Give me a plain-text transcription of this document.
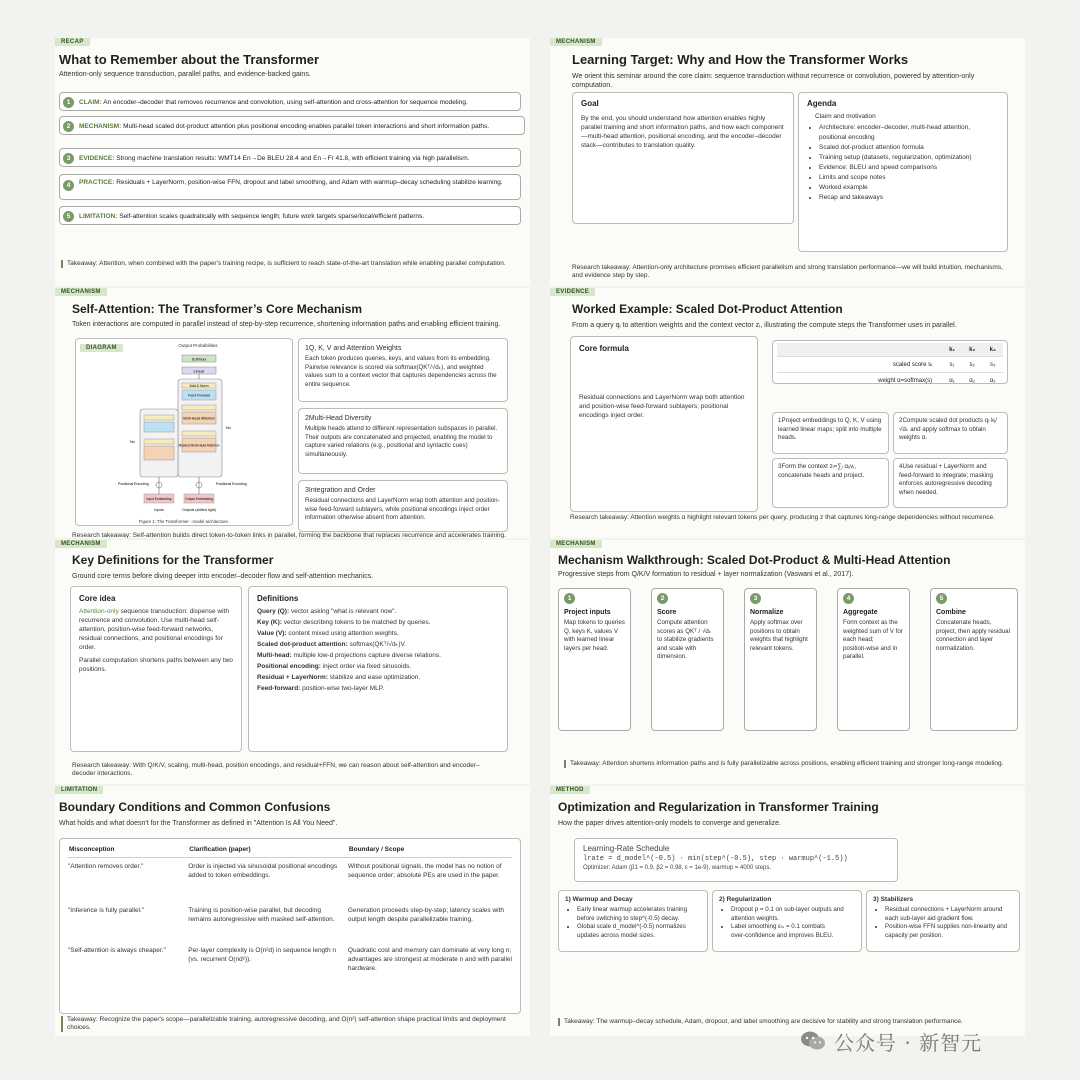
RECAP
What to Remember about the Transformer
Attention-only sequence transduction, parallel paths, and evidence-backed gains.
1 CLAIM: An encoder–decoder that removes recurrence and convolution, using self-attention and cross-attention for sequence modeling.
2 MECHANISM: Multi-head scaled dot-product attention plus positional encoding enables parallel token interactions and short information paths.
3 EVIDENCE: Strong machine translation results: WMT14 En→De BLEU 28.4 and En→Fr 41.8, with efficient training via high parallelism.
4	PRACTICE: Residuals + LayerNorm, position-wise FFN, dropout and label smoothing, and Adam with warmup–decay scheduling stabilize learning.
5 LIMITATION: Self-attention scales quadratically with sequence length; future work targets sparse/local/efficient patterns.
Takeaway: Attention, when combined with the paper's training recipe, is sufficient to reach state-of-the-art translation while enabling parallel computation.
MECHANISM
Learning Target: Why and How the Transformer Works
We orient this seminar around the core claim: sequence transduction without recurrence or convolution, powered by attention-only computation.
Goal
By the end, you should understand how attention enables highly parallel training and short information paths, and how each component—multi-head attention, positional encoding, and the encoder–decoder stack—contributes to translation quality.
Agenda
Claim and motivation
• Architecture: encoder–decoder, multi-head attention, positional encoding
• Scaled dot-product attention formula
• Training setup (datasets, regularization, optimization)
• Evidence: BLEU and speed comparisons
• Limits and scope notes
• Worked example
• Recap and takeaways
Research takeaway: Attention-only architecture promises efficient parallelism and strong translation performance—we will build intuition, mechanisms, and evidence step by step.
MECHANISM
Self-Attention: The Transformer’s Core Mechanism
Token interactions are computed in parallel instead of step-by-step recurrence, shortening information paths and enabling efficient training.
DIAGRAM	Output Probabilities
Softmax
Linear
Add & Norm
Feed Forward
Multi-Head Attention
Masked Multi-Head Attention
Nx
Nx
Positional Encoding	Positional Encoding
Input Embedding	Output Embedding
Inputs	Outputs (shifted right)
Figure 1: The Transformer - model architecture.
1Q, K, V and Attention Weights
Each token produces queries, keys, and values from its embedding. Pairwise relevance is scored via softmax(QKᵀ/√dₖ), and weighted values sum to a context vector that captures dependencies across the entire sequence.
2Multi-Head Diversity
Multiple heads attend to different representation subspaces in parallel. Their outputs are concatenated and projected, enabling the model to capture varied relations (e.g., positional and syntactic cues) simultaneously.
3Integration and Order
Residual connections and LayerNorm wrap both attention and position-wise feed-forward sublayers, while positional encodings inject order information otherwise absent from attention.
Research takeaway: Self-attention builds direct token-to-token links in parallel, forming the backbone that replaces recurrence and accelerates training.
EVIDENCE
Worked Example: Scaled Dot-Product Attention
From a query qᵢ to attention weights and the context vector zᵢ, illustrating the compute steps the Transformer uses in parallel.
Core formula
Residual connections and LayerNorm wrap both attention and position-wise feed-forward sublayers; positional encodings inject order.
	k₁	k₂	k₃
scaled score sᵢ	s₁	s₂	s₃
weight α=softmax(s)	α₁	α₂	α₃
1Project embeddings to Q, K, V using learned linear maps; split into multiple heads.
2Compute scaled dot products qᵢ·kⱼ/√dₖ and apply softmax to obtain weights α.
3Form the context zᵢ=∑ⱼ αᵢⱼvⱼ, concatenate heads and project.
4Use residual + LayerNorm and feed-forward to integrate; masking enforces autoregressive decoding when needed.
Research takeaway: Attention weights α highlight relevant tokens per query, producing z that captures long-range dependencies without recurrence.
MECHANISM
Key Definitions for the Transformer
Ground core terms before diving deeper into encoder–decoder flow and self-attention mechanics.
Core idea
Attention-only sequence transduction: dispense with recurrence and convolution. Use multi-head self-attention, position-wise feed-forward networks, residual connections, and positional encodings for order.
Parallel computation shortens paths between any two positions.
Definitions
Query (Q): vector asking "what is relevant now".
Key (K): vector describing tokens to be matched by queries.
Value (V): content mixed using attention weights.
Scaled dot-product attention: softmax(QKᵀ/√dₖ)V.
Multi-head: multiple low-d projections capture diverse relations.
Positional encoding: inject order via fixed sinusoids.
Residual + LayerNorm: stabilize and ease optimization.
Feed-forward: position-wise two-layer MLP.
Research takeaway: With Q/K/V, scaling, multi-head, position encodings, and residual+FFN, we can reason about self-attention and encoder–decoder interactions.
MECHANISM
Mechanism Walkthrough: Scaled Dot‑Product & Multi‑Head Attention
Progressive steps from Q/K/V formation to residual + layer normalization (Vaswani et al., 2017).
1
Project inputs
Map tokens to queries Q, keys K, values V with learned linear layers per head.
2
Score
Compute attention scores as QKᵀ / √dₖ to stabilize gradients and scale with dimension.
3
Normalize
Apply softmax over positions to obtain weights that highlight relevant tokens.
4
Aggregate
Form context as the weighted sum of V for each head; position‑wise and in parallel.
5
Combine
Concatenate heads, project, then apply residual connection and layer normalization.
Takeaway: Attention shortens information paths and is fully parallelizable across positions, enabling efficient training and stronger long‑range modeling.
LIMITATION
Boundary Conditions and Common Confusions
What holds and what doesn't for the Transformer as defined in "Attention Is All You Need".
Misconception	Clarification (paper)	Boundary / Scope
"Attention removes order."	Order is injected via sinusoidal positional encodings added to token embeddings.	Without positional signals, the model has no notion of sequence order; absolute PEs are used in the paper.
"Inference is fully parallel."	Training is position‑wise parallel, but decoding remains autoregressive with masked self‑attention.	Generation proceeds step‑by‑step; latency scales with output length despite parallelizable training.
"Self‑attention is always cheaper."	Per‑layer complexity is O(n²d) in sequence length n (vs. recurrent O(nd²)).	Quadratic cost and memory can dominate at very long n; advantages are strongest at moderate n and with parallel hardware.
Takeaway: Recognize the paper's scope—parallelizable training, autoregressive decoding, and O(n²) self‑attention shape practical limits and deployment choices.
METHOD
Optimization and Regularization in Transformer Training
How the paper drives attention‑only models to converge and generalize.
Learning‑Rate Schedule
lrate = d_model^(-0.5) · min(step^(-0.5), step · warmup^(-1.5))
Optimizer: Adam (β1 = 0.9, β2 = 0.98, ε = 1e-9), warmup = 4000 steps.
1) Warmup and Decay
• Early linear warmup accelerates training before switching to step^(-0.5) decay.
• Global scale d_model^(-0.5) normalizes updates across model sizes.
2) Regularization
• Dropout p = 0.1 on sub‑layer outputs and attention weights.
• Label smoothing εₗₛ = 0.1 combats over‑confidence and improves BLEU.
3) Stabilizers
• Residual connections + LayerNorm around each sub‑layer aid gradient flow.
• Position‑wise FFN supplies non‑linearity and capacity per position.
Takeaway: The warmup–decay schedule, Adam, dropout, and label smoothing are decisive for stability and strong translation performance.
公众号 · 新智元
